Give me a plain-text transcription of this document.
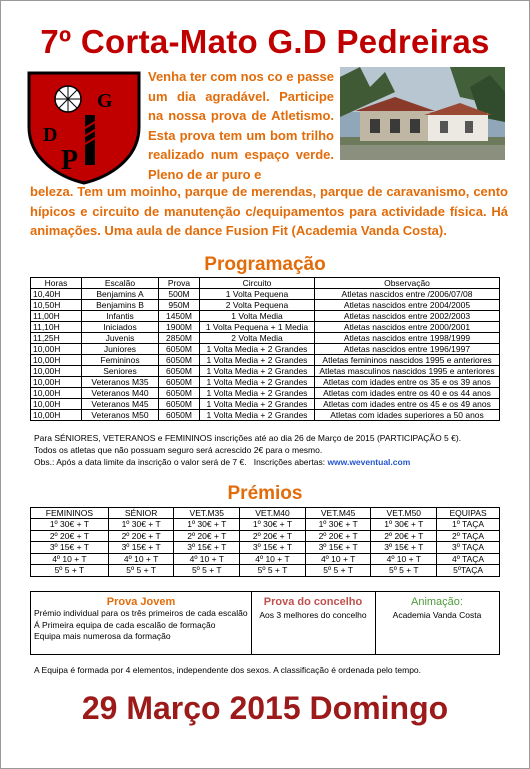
7º Corta-Mato G.D Pedreiras
G
D
P
Venha ter com nos co e passe um dia agradável. Participe na nossa prova de Atletismo. Esta prova tem um bom trilho realizado num espaço verde. Pleno de ar puro e
beleza. Tem um moinho, parque de merendas, parque de caravanismo, cento hípicos e circuito de manutenção c/equipamentos para actividade física. Há animações. Uma aula de dance Fusion Fit (Academia Vanda Costa).
Programação
Horas	Escalão	Prova	Circuito	Observação
10,40H	Benjamins A	500M	1 Volta Pequena	Atletas nascidos entre /2006/07/08
10,50H	Benjamins B	950M	2 Volta Pequena	Atletas nascidos entre 2004/2005
11,00H	Infantis	1450M	1 Volta Media	Atletas nascidos entre 2002/2003
11,10H	Iniciados	1900M	1 Volta Pequena + 1 Media	Atletas nascidos entre 2000/2001
11,25H	Juvenis	2850M	2 Volta Media	Atletas nascidos entre 1998/1999
10,00H	Juniores	6050M	1 Volta Media + 2 Grandes	Atletas nascidos entre 1996/1997
10,00H	Femininos	6050M	1 Volta Media + 2 Grandes	Atletas femininos nascidos 1995 e anteriores
10,00H	Seniores	6050M	1 Volta Media + 2 Grandes	Atletas masculinos nascidos 1995 e anteriores
10,00H	Veteranos M35	6050M	1 Volta Media + 2 Grandes	Atletas com idades entre os 35 e os 39 anos
10,00H	Veteranos M40	6050M	1 Volta Media + 2 Grandes	Atletas com idades entre os 40 e os 44 anos
10,00H	Veteranos M45	6050M	1 Volta Media + 2 Grandes	Atletas com idades entre os 45 e os 49 anos
10,00H	Veteranos M50	6050M	1 Volta Media + 2 Grandes	Atletas com idades superiores a 50 anos
Para SÉNIORES, VETERANOS e FEMININOS inscrições até ao dia 26 de Março de 2015 (PARTICIPAÇÃO 5 €).
Todos os atletas que não possuam seguro será acrescido 2€ para o mesmo.
Obs.: Após a data limite da inscrição o valor será de 7 €. Inscrições abertas: www.weventual.com
Prémios
FEMININOS	SÉNIOR	VET.M35	VET.M40	VET.M45	VET.M50	EQUIPAS
1º 30€ + T	1º 30€ + T	1º 30€ + T	1º 30€ + T	1º 30€ + T	1º 30€ + T	1º TAÇA
2º 20€ + T	2º 20€ + T	2º 20€ + T	2º 20€ + T	2º 20€ + T	2º 20€ + T	2º TAÇA
3º 15€ + T	3º 15€ + T	3º 15€ + T	3º 15€ + T	3º 15€ + T	3º 15€ + T	3º TAÇA
4º 10 + T	4º 10 + T	4º 10 + T	4º 10 + T	4º 10 + T	4º 10 + T	4º TAÇA
5º 5 + T	5º 5 + T	5º 5 + T	5º 5 + T	5º 5 + T	5º 5 + T	5ºTAÇA
Prova Jovem
Prémio individual para os três primeiros de cada escalão
Á Primeira equipa de cada escalão de formação
Equipa mais numerosa da formação
Prova do concelho
Aos 3 melhores do concelho
Animação:
Academia Vanda Costa
A Equipa é formada por 4 elementos, independente dos sexos. A classificação é ordenada pelo tempo.
29 Março 2015 Domingo
